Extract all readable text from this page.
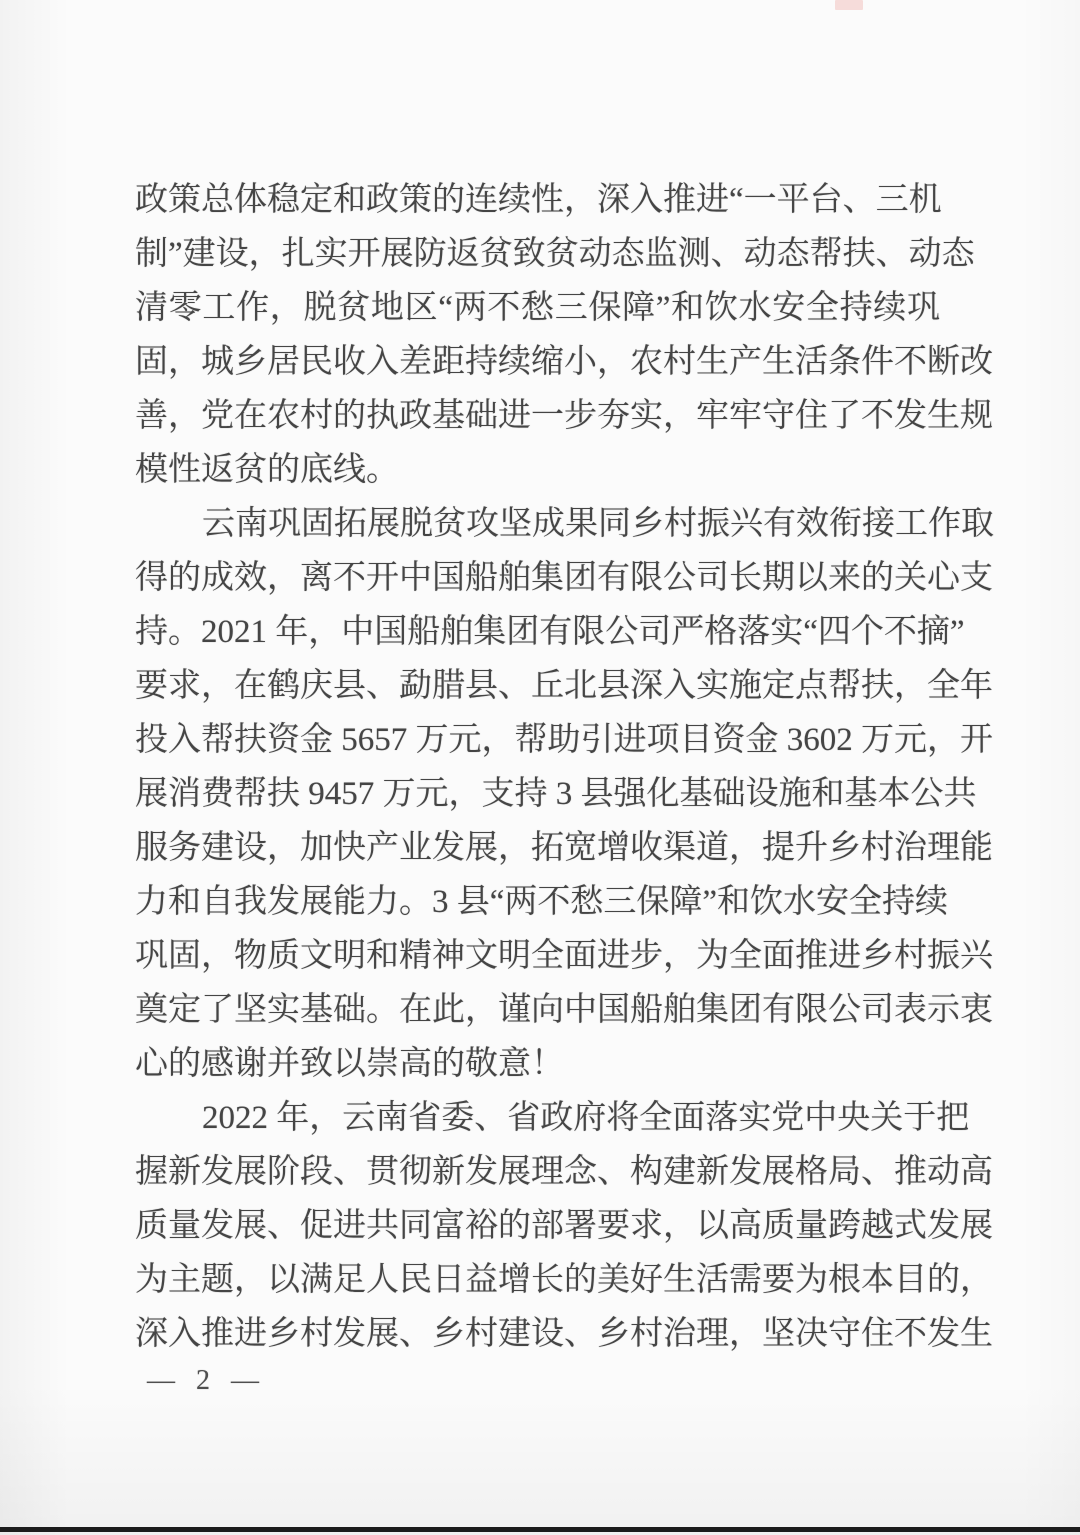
政策总体稳定和政策的连续性，深入推进“一平台、三机
制”建设，扎实开展防返贫致贫动态监测、动态帮扶、动态
清零工作，脱贫地区“两不愁三保障”和饮水安全持续巩
固，城乡居民收入差距持续缩小，农村生产生活条件不断改
善，党在农村的执政基础进一步夯实，牢牢守住了不发生规
模性返贫的底线。
云南巩固拓展脱贫攻坚成果同乡村振兴有效衔接工作取
得的成效，离不开中国船舶集团有限公司长期以来的关心支
持。2021 年，中国船舶集团有限公司严格落实“四个不摘”
要求，在鹤庆县、勐腊县、丘北县深入实施定点帮扶，全年
投入帮扶资金 5657 万元，帮助引进项目资金 3602 万元，开
展消费帮扶 9457 万元，支持 3 县强化基础设施和基本公共
服务建设，加快产业发展，拓宽增收渠道，提升乡村治理能
力和自我发展能力。3 县“两不愁三保障”和饮水安全持续
巩固，物质文明和精神文明全面进步，为全面推进乡村振兴
奠定了坚实基础。在此，谨向中国船舶集团有限公司表示衷
心的感谢并致以崇高的敬意！
2022 年，云南省委、省政府将全面落实党中央关于把
握新发展阶段、贯彻新发展理念、构建新发展格局、推动高
质量发展、促进共同富裕的部署要求，以高质量跨越式发展
为主题，以满足人民日益增长的美好生活需要为根本目的，
深入推进乡村发展、乡村建设、乡村治理，坚决守住不发生
— 2 —
